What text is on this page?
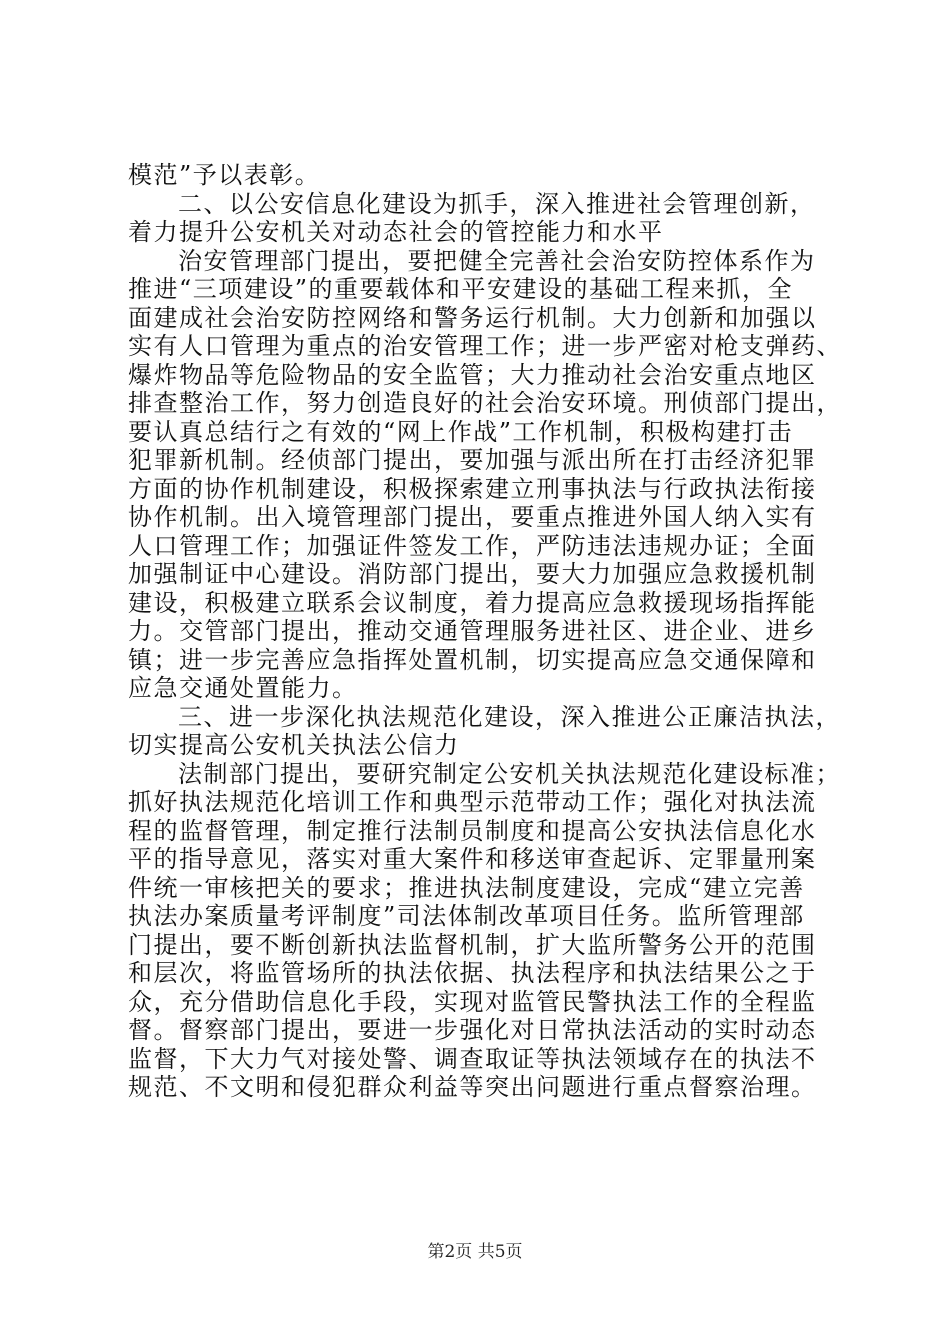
模范”予以表彰。
二、以公安信息化建设为抓手，深入推进社会管理创新，
着力提升公安机关对动态社会的管控能力和水平
治安管理部门提出，要把健全完善社会治安防控体系作为
推进“三项建设”的重要载体和平安建设的基础工程来抓，全
面建成社会治安防控网络和警务运行机制。大力创新和加强以
实有人口管理为重点的治安管理工作；进一步严密对枪支弹药、
爆炸物品等危险物品的安全监管；大力推动社会治安重点地区
排查整治工作，努力创造良好的社会治安环境。刑侦部门提出，
要认真总结行之有效的“网上作战”工作机制，积极构建打击
犯罪新机制。经侦部门提出，要加强与派出所在打击经济犯罪
方面的协作机制建设，积极探索建立刑事执法与行政执法衔接
协作机制。出入境管理部门提出，要重点推进外国人纳入实有
人口管理工作；加强证件签发工作，严防违法违规办证；全面
加强制证中心建设。消防部门提出，要大力加强应急救援机制
建设，积极建立联系会议制度，着力提高应急救援现场指挥能
力。交管部门提出，推动交通管理服务进社区、进企业、进乡
镇；进一步完善应急指挥处置机制，切实提高应急交通保障和
应急交通处置能力。
三、进一步深化执法规范化建设，深入推进公正廉洁执法，
切实提高公安机关执法公信力
法制部门提出，要研究制定公安机关执法规范化建设标准；
抓好执法规范化培训工作和典型示范带动工作；强化对执法流
程的监督管理，制定推行法制员制度和提高公安执法信息化水
平的指导意见，落实对重大案件和移送审查起诉、定罪量刑案
件统一审核把关的要求；推进执法制度建设，完成“建立完善
执法办案质量考评制度”司法体制改革项目任务。监所管理部
门提出，要不断创新执法监督机制，扩大监所警务公开的范围
和层次，将监管场所的执法依据、执法程序和执法结果公之于
众，充分借助信息化手段，实现对监管民警执法工作的全程监
督。督察部门提出，要进一步强化对日常执法活动的实时动态
监督，下大力气对接处警、调查取证等执法领域存在的执法不
规范、不文明和侵犯群众利益等突出问题进行重点督察治理。
第2页 共5页
